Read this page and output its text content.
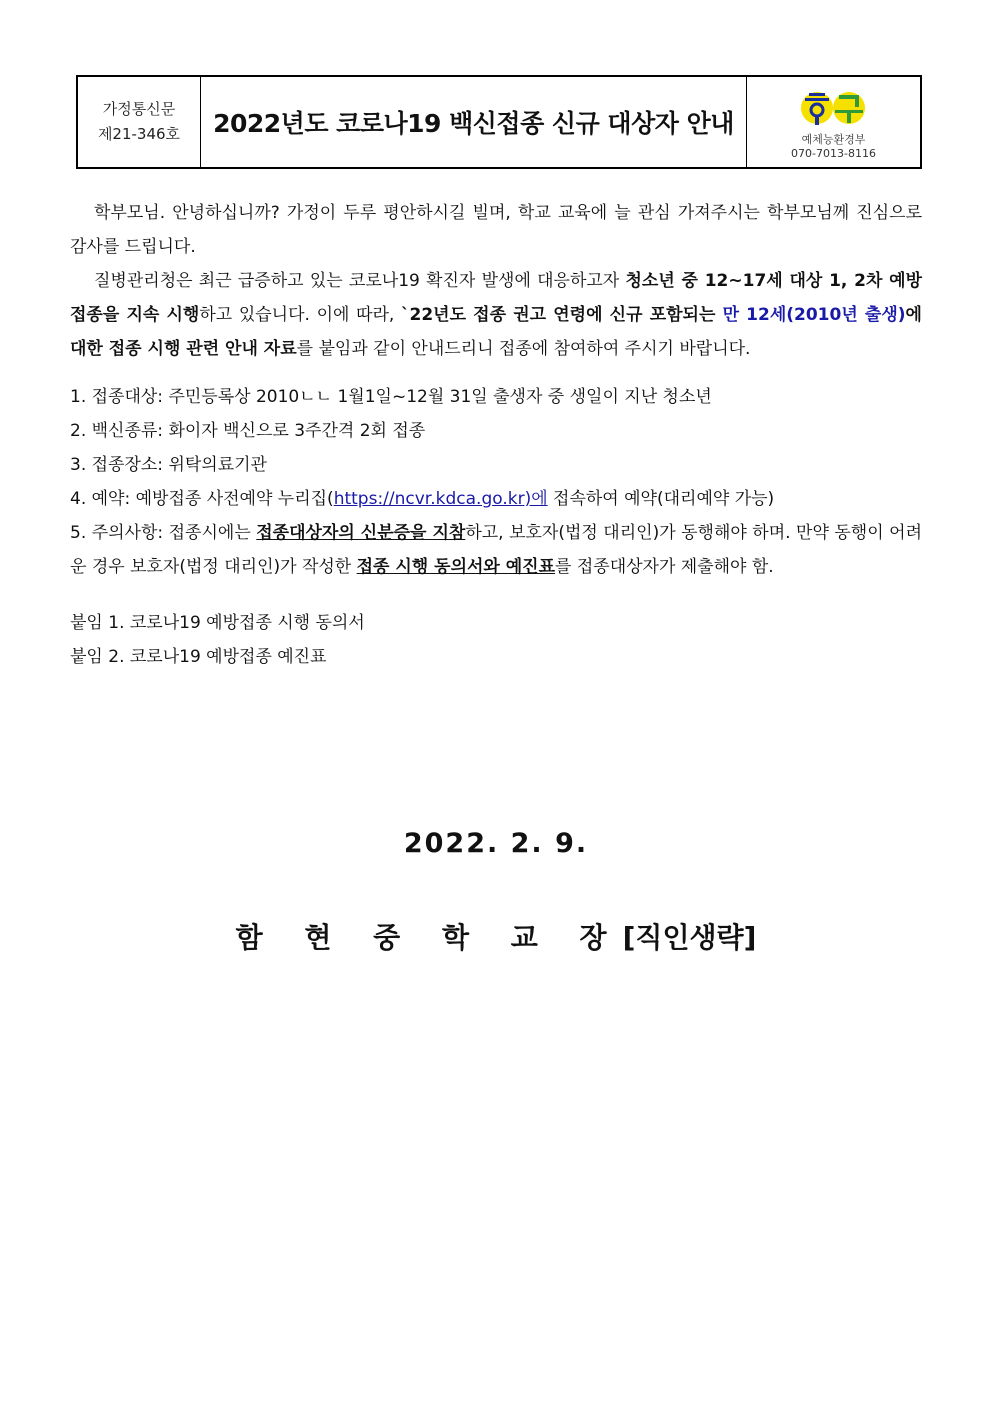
가정통신문
제21-346호	2022년도 코로나19 백신접종 신규 대상자 안내
예체능환경부
070-7013-8116

학부모님. 안녕하십니까? 가정이 두루 평안하시길 빌며, 학교 교육에 늘 관심 가져주시는 학부모님께 진심으로 감사를 드립니다.

질병관리청은 최근 급증하고 있는 코로나19 확진자 발생에 대응하고자 청소년 중 12~17세 대상 1, 2차 예방접종을 지속 시행하고 있습니다. 이에 따라, `22년도 접종 권고 연령에 신규 포함되는 만 12세(2010년 출생)에 대한 접종 시행 관련 안내 자료를 붙임과 같이 안내드리니 접종에 참여하여 주시기 바랍니다.

1. 접종대상: 주민등록상 2010ㄴㄴ 1월1일~12월 31일 출생자 중 생일이 지난 청소년

2. 백신종류: 화이자 백신으로 3주간격 2회 접종

3. 접종장소: 위탁의료기관

4. 예약: 예방접종 사전예약 누리집(https://ncvr.kdca.go.kr)에 접속하여 예약(대리예약 가능)

5. 주의사항: 접종시에는 접종대상자의 신분증을 지참하고, 보호자(법정 대리인)가 동행해야 하며. 만약 동행이 어려운 경우 보호자(법정 대리인)가 작성한 접종 시행 동의서와 예진표를 접종대상자가 제출해야 함.

붙임 1. 코로나19 예방접종 시행 동의서

붙임 2. 코로나19 예방접종 예진표

2022. 2. 9.
함 현 중 학 교 장[직인생략]
